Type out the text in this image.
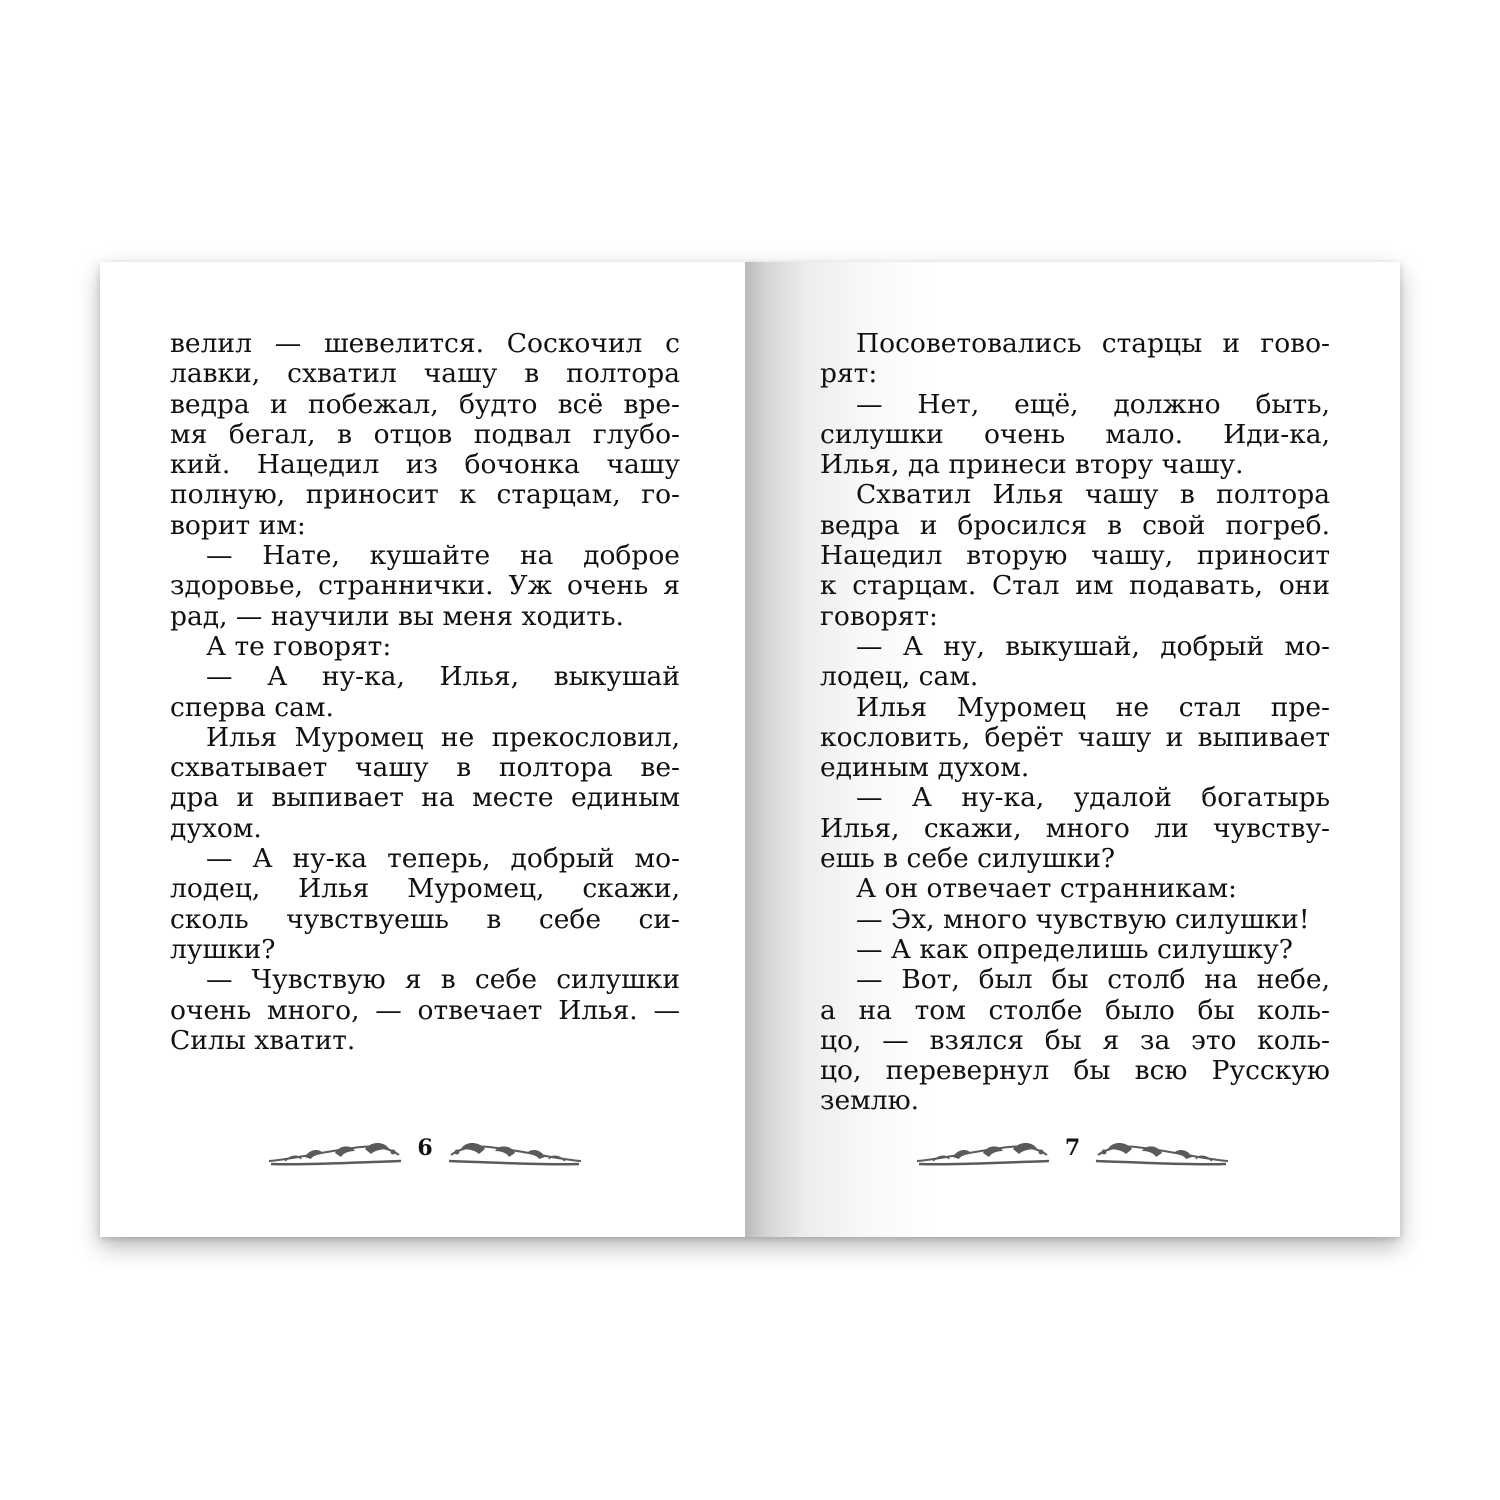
велил — шевелится. Соскочил с
лавки, схватил чашу в полтора
ведра и побежал, будто всё вре-
мя бегал, в отцов подвал глубо-
кий. Нацедил из бочонка чашу
полную, приносит к старцам, го-
ворит им:
— Нате, кушайте на доброе
здоровье, страннички. Уж очень я
рад, — научили вы меня ходить.
А те говорят:
— А ну-ка, Илья, выкушай
сперва сам.
Илья Муромец не прекословил,
схватывает чашу в полтора ве-
дра и выпивает на месте единым
духом.
— А ну-ка теперь, добрый мо-
лодец, Илья Муромец, скажи,
сколь чувствуешь в себе си-
лушки?
— Чувствую я в себе силушки
очень много, — отвечает Илья. —
Силы хватит.
6
Посоветовались старцы и гово-
рят:
— Нет, ещё, должно быть,
силушки очень мало. Иди-ка,
Илья, да принеси втору чашу.
Схватил Илья чашу в полтора
ведра и бросился в свой погреб.
Нацедил вторую чашу, приносит
к старцам. Стал им подавать, они
говорят:
— А ну, выкушай, добрый мо-
лодец, сам.
Илья Муромец не стал пре-
кословить, берёт чашу и выпивает
единым духом.
— А ну-ка, удалой богатырь
Илья, скажи, много ли чувству-
ешь в себе силушки?
А он отвечает странникам:
— Эх, много чувствую силушки!
— А как определишь силушку?
— Вот, был бы столб на небе,
а на том столбе было бы коль-
цо, — взялся бы я за это коль-
цо, перевернул бы всю Русскую
землю.
7
